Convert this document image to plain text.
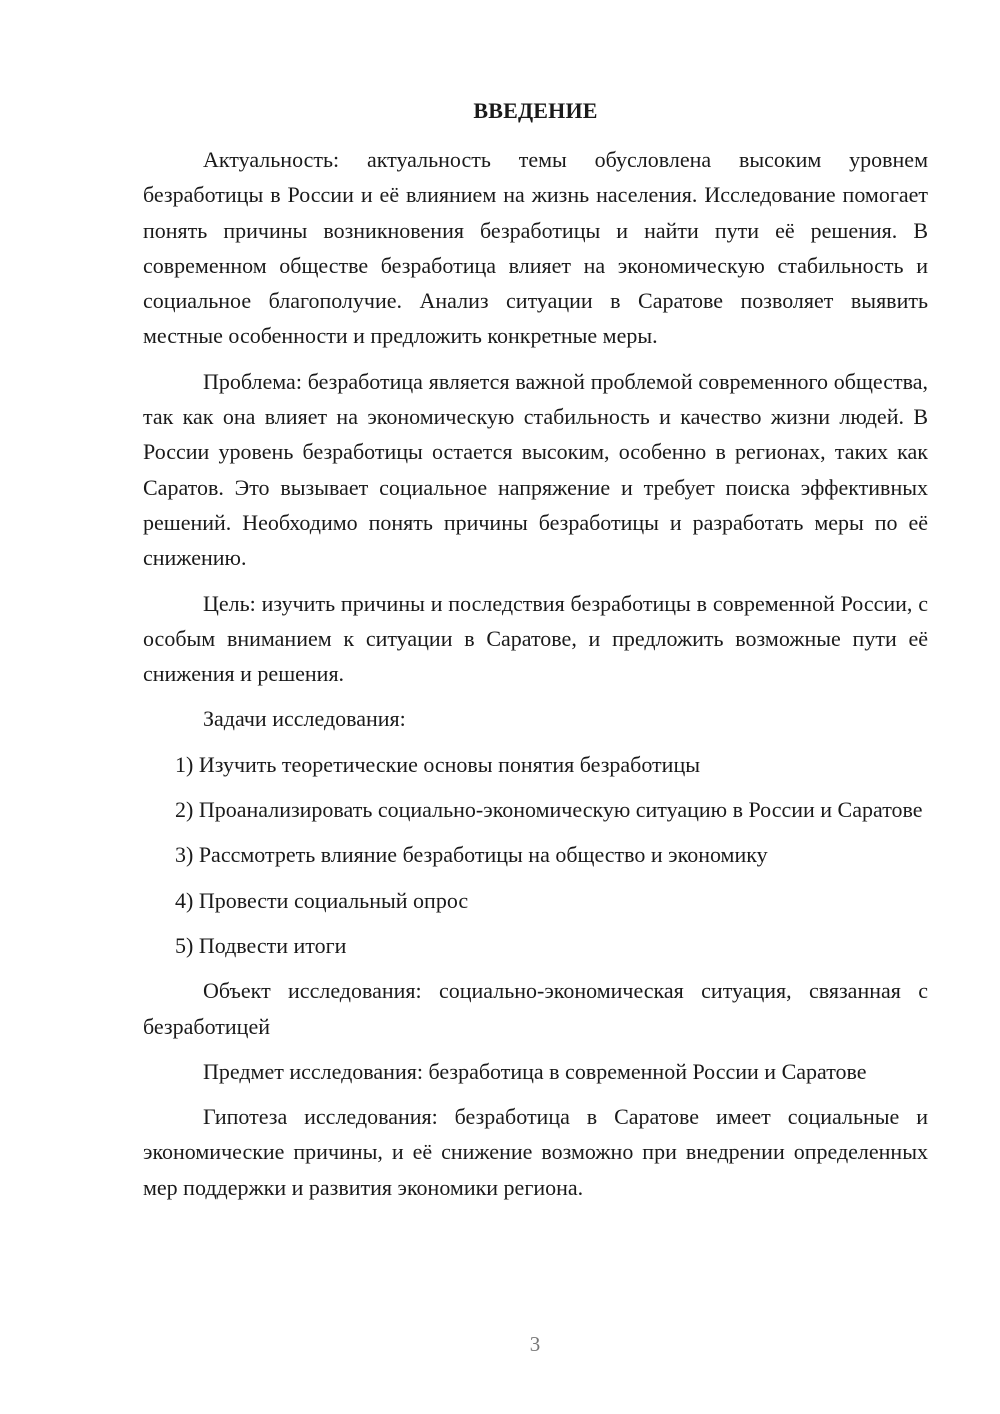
ВВЕДЕНИЕ

Актуальность: актуальность темы обусловлена высоким уровнем безработицы в России и её влиянием на жизнь населения. Исследование помогает понять причины возникновения безработицы и найти пути её решения. В современном обществе безработица влияет на экономическую стабильность и социальное благополучие. Анализ ситуации в Саратове позволяет выявить местные особенности и предложить конкретные меры.

Проблема: безработица является важной проблемой современного общества, так как она влияет на экономическую стабильность и качество жизни людей. В России уровень безработицы остается высоким, особенно в регионах, таких как Саратов. Это вызывает социальное напряжение и требует поиска эффективных решений. Необходимо понять причины безработицы и разработать меры по её снижению.

Цель: изучить причины и последствия безработицы в современной России, с особым вниманием к ситуации в Саратове, и предложить возможные пути её снижения и решения.

Задачи исследования:

1) Изучить теоретические основы понятия безработицы

2) Проанализировать социально-экономическую ситуацию в России и Саратове

3) Рассмотреть влияние безработицы на общество и экономику

4) Провести социальный опрос

5) Подвести итоги

Объект исследования: социально-экономическая ситуация, связанная с безработицей

Предмет исследования: безработица в современной России и Саратове

Гипотеза исследования: безработица в Саратове имеет социальные и экономические причины, и её снижение возможно при внедрении определенных мер поддержки и развития экономики региона.

3
